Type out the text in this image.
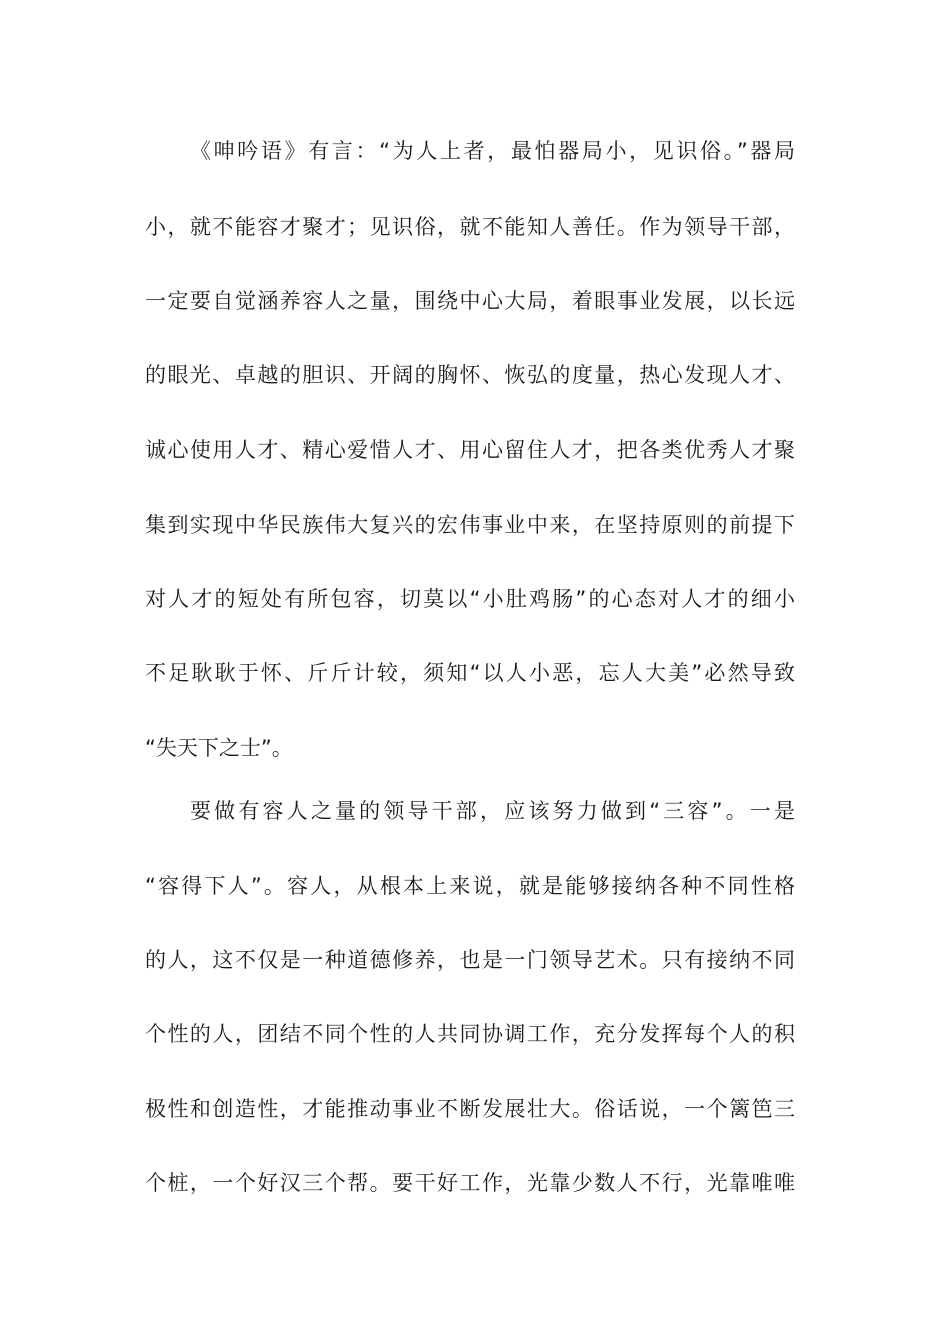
《呻吟语》有言：“为人上者，最怕器局小，见识俗。”器局
小，就不能容才聚才；见识俗，就不能知人善任。作为领导干部，
一定要自觉涵养容人之量，围绕中心大局，着眼事业发展，以长远
的眼光、卓越的胆识、开阔的胸怀、恢弘的度量，热心发现人才、
诚心使用人才、精心爱惜人才、用心留住人才，把各类优秀人才聚
集到实现中华民族伟大复兴的宏伟事业中来，在坚持原则的前提下
对人才的短处有所包容，切莫以“小肚鸡肠”的心态对人才的细小
不足耿耿于怀、斤斤计较，须知“以人小恶，忘人大美”必然导致
“失天下之士”。
要做有容人之量的领导干部，应该努力做到“三容”。一是
“容得下人”。容人，从根本上来说，就是能够接纳各种不同性格
的人，这不仅是一种道德修养，也是一门领导艺术。只有接纳不同
个性的人，团结不同个性的人共同协调工作，充分发挥每个人的积
极性和创造性，才能推动事业不断发展壮大。俗话说，一个篱笆三
个桩，一个好汉三个帮。要干好工作，光靠少数人不行，光靠唯唯
